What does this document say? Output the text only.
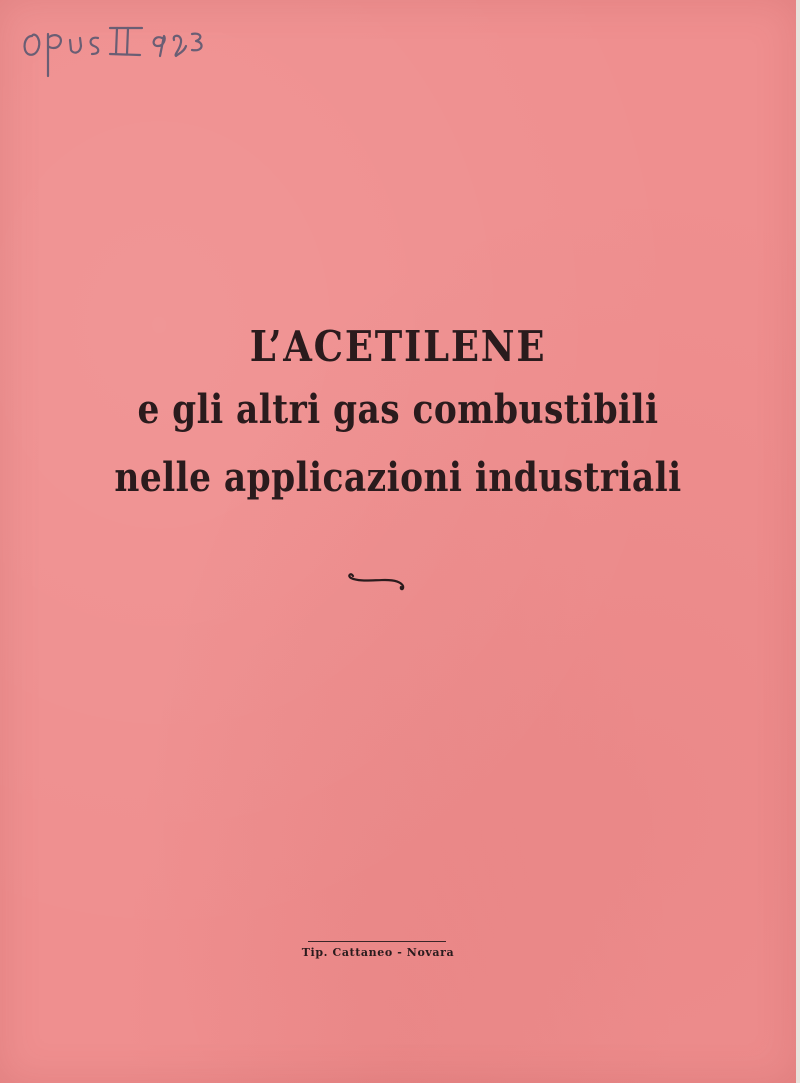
Opus II 903
L’ACETILENE
e gli altri gas combustibili
nelle applicazioni industriali
Tip. Cattaneo - Novara
